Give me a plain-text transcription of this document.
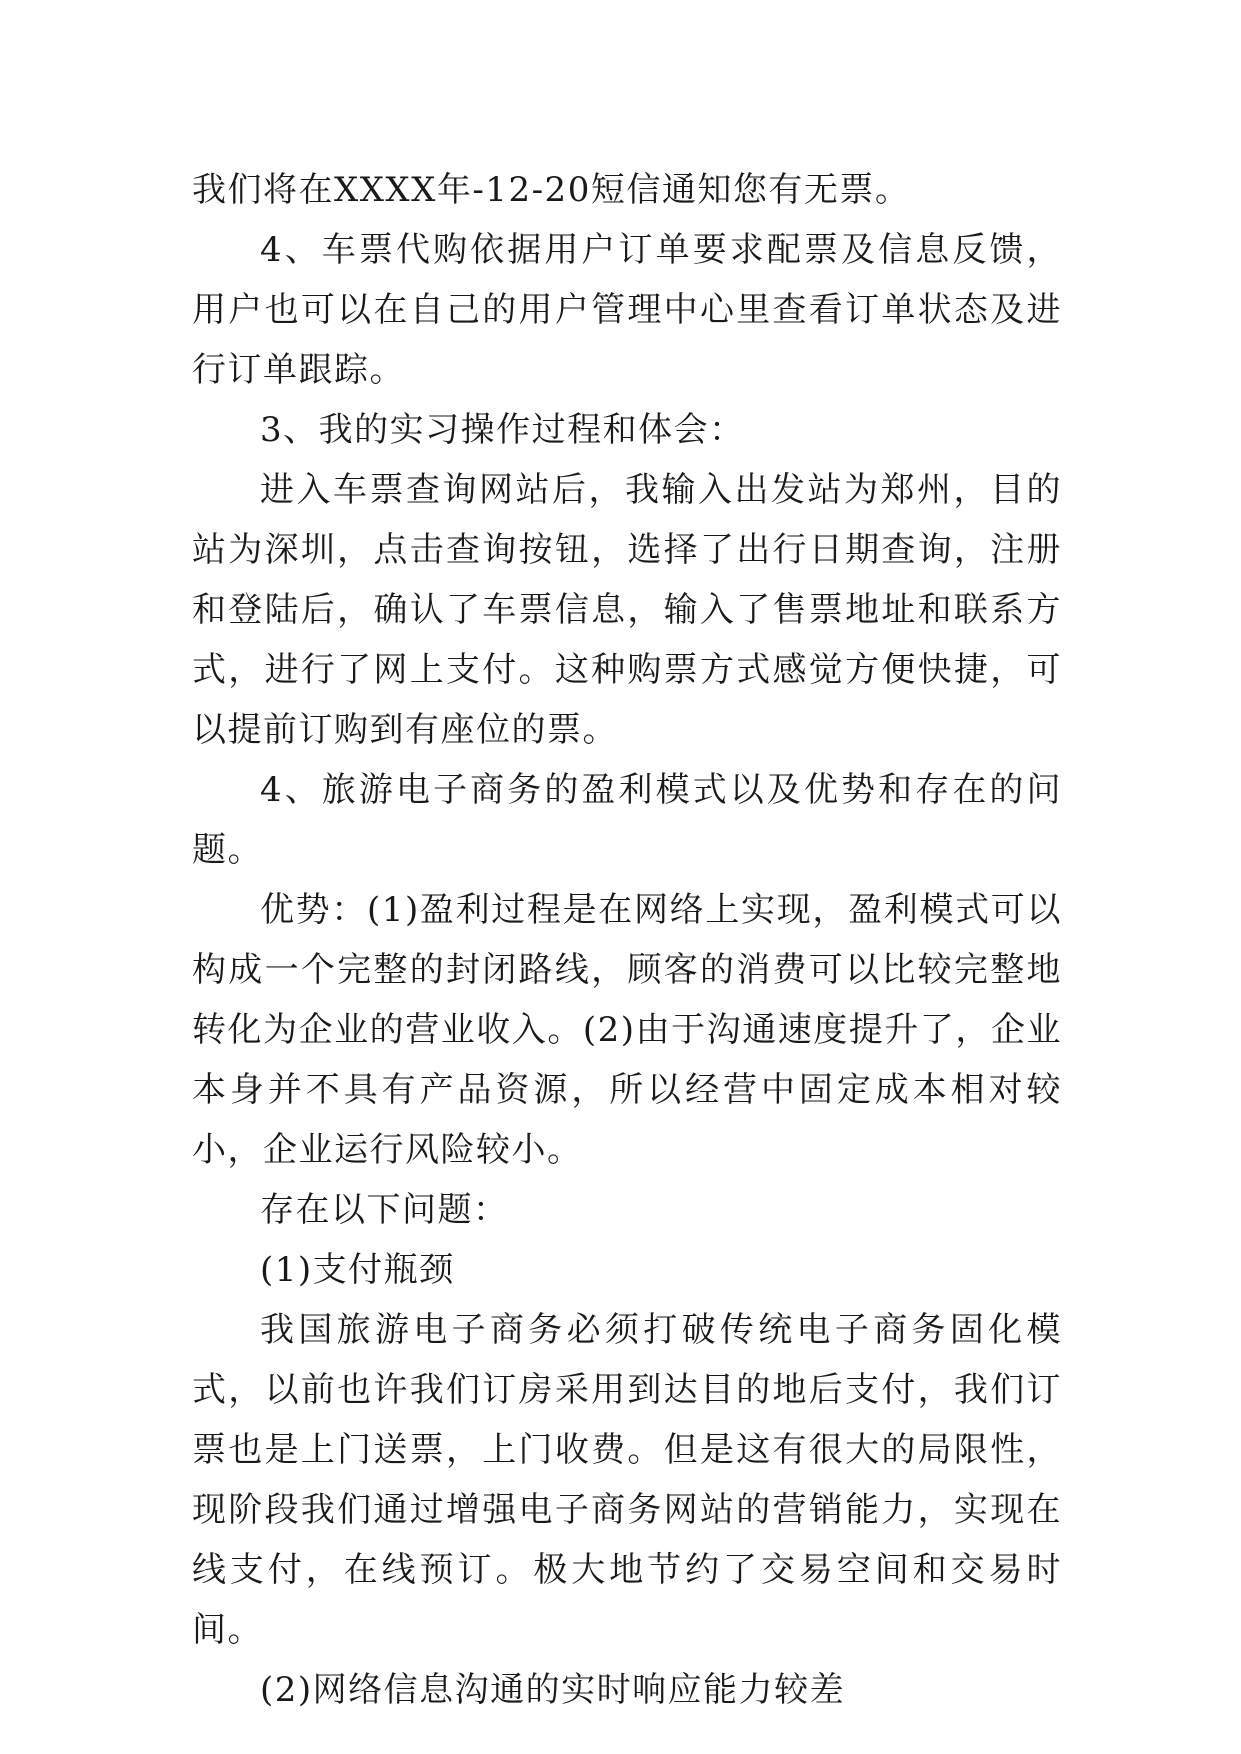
我们将在XXXX年-12-20短信通知您有无票。

4、车票代购依据用户订单要求配票及信息反馈，用户也可以在自己的用户管理中心里查看订单状态及进行订单跟踪。

3、我的实习操作过程和体会：

进入车票查询网站后，我输入出发站为郑州，目的站为深圳，点击查询按钮，选择了出行日期查询，注册和登陆后，确认了车票信息，输入了售票地址和联系方式，进行了网上支付。这种购票方式感觉方便快捷，可以提前订购到有座位的票。

4、旅游电子商务的盈利模式以及优势和存在的问题。

优势：(1)盈利过程是在网络上实现，盈利模式可以构成一个完整的封闭路线，顾客的消费可以比较完整地转化为企业的营业收入。(2)由于沟通速度提升了，企业本身并不具有产品资源，所以经营中固定成本相对较小，企业运行风险较小。

存在以下问题：

(1)支付瓶颈

我国旅游电子商务必须打破传统电子商务固化模式，以前也许我们订房采用到达目的地后支付，我们订票也是上门送票，上门收费。但是这有很大的局限性，现阶段我们通过增强电子商务网站的营销能力，实现在线支付，在线预订。极大地节约了交易空间和交易时间。

(2)网络信息沟通的实时响应能力较差
